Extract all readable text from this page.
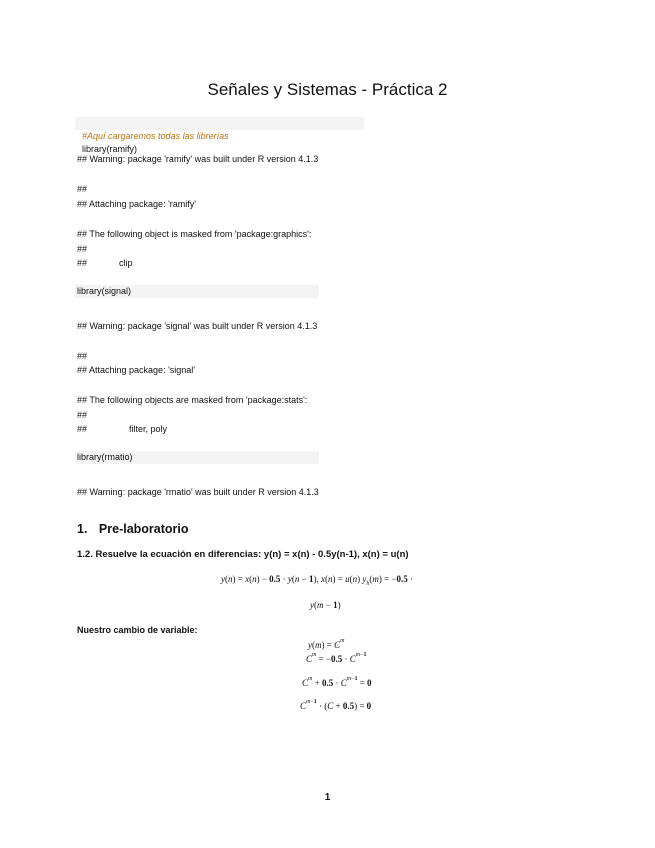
Señales y Sistemas - Práctica 2

#Aquí cargaremos todas las librerías
library(ramify)

## Warning: package 'ramify' was built under R version 4.1.3
##
## Attaching package: 'ramify'
## The following object is masked from 'package:graphics':
##
##	clip
library(signal)
## Warning: package 'signal' was built under R version 4.1.3
##
## Attaching package: 'signal'
## The following objects are masked from 'package:stats':
##
##	filter, poly
library(rmatio)
## Warning: package 'rmatio' was built under R version 4.1.3
1. Pre-laboratorio
1.2. Resuelve la ecuación en diferencias: y(n) = x(n) - 0.5y(n-1), x(n) = u(n)
y(n) = x(n) − 0.5 · y(n − 1), x(n) = u(n) $y_h(m) = -0.5$ ·
y(m − 1)
Nuestro cambio de variable:
$y(m) = C^m$
$C^m = -0.5 \cdot C^{m-1}$
$C^m + 0.5 \cdot C^{m-1} = 0$
$C^{m-1} \cdot (C + 0.5) = 0$
1
